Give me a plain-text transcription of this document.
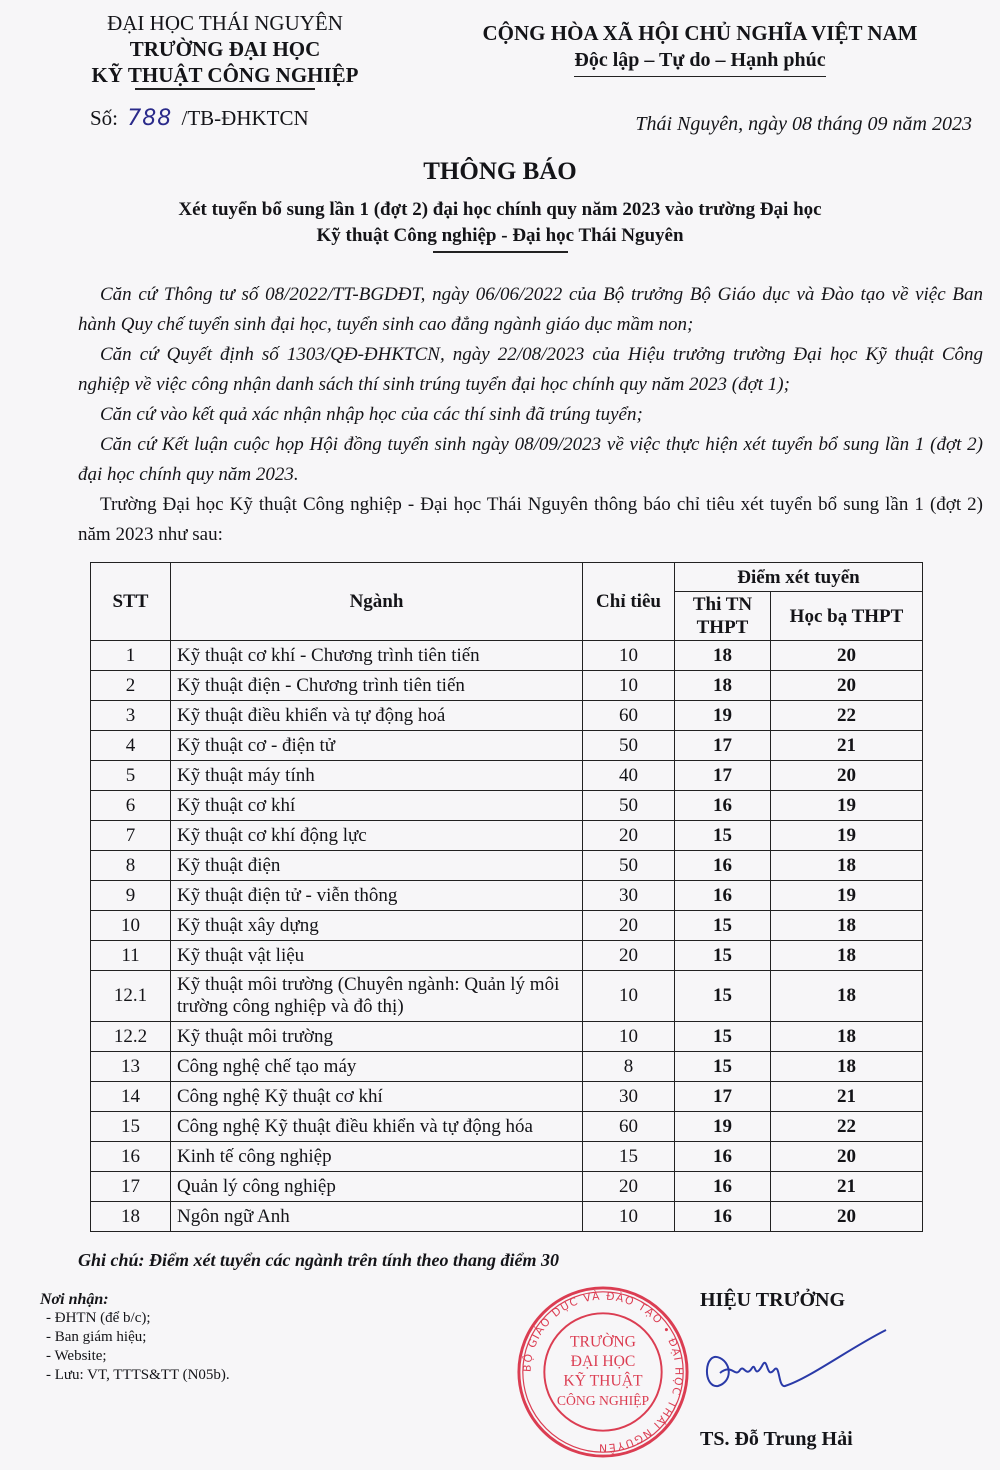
ĐẠI HỌC THÁI NGUYÊN
TRƯỜNG ĐẠI HỌC
KỸ THUẬT CÔNG NGHIỆP
Số: 788 /TB-ĐHKTCN
CỘNG HÒA XÃ HỘI CHỦ NGHĨA VIỆT NAM
Độc lập – Tự do – Hạnh phúc
Thái Nguyên, ngày 08 tháng 09 năm 2023
THÔNG BÁO
Xét tuyển bổ sung lần 1 (đợt 2) đại học chính quy năm 2023 vào trường Đại học
Kỹ thuật Công nghiệp - Đại học Thái Nguyên

Căn cứ Thông tư số 08/2022/TT-BGDĐT, ngày 06/06/2022 của Bộ trưởng Bộ Giáo dục và Đào tạo về việc Ban hành Quy chế tuyển sinh đại học, tuyển sinh cao đẳng ngành giáo dục mầm non;

Căn cứ Quyết định số 1303/QĐ-ĐHKTCN, ngày 22/08/2023 của Hiệu trưởng trường Đại học Kỹ thuật Công nghiệp về việc công nhận danh sách thí sinh trúng tuyển đại học chính quy năm 2023 (đợt 1);

Căn cứ vào kết quả xác nhận nhập học của các thí sinh đã trúng tuyển;

Căn cứ Kết luận cuộc họp Hội đồng tuyển sinh ngày 08/09/2023 về việc thực hiện xét tuyển bổ sung lần 1 (đợt 2) đại học chính quy năm 2023.

Trường Đại học Kỹ thuật Công nghiệp - Đại học Thái Nguyên thông báo chỉ tiêu xét tuyển bổ sung lần 1 (đợt 2) năm 2023 như sau:

STT	Ngành	Chỉ tiêu	Điểm xét tuyển	
			Thi TN THPT	Học bạ THPT
1	Kỹ thuật cơ khí - Chương trình tiên tiến	10	18	20
2	Kỹ thuật điện - Chương trình tiên tiến	10	18	20
3	Kỹ thuật điều khiển và tự động hoá	60	19	22
4	Kỹ thuật cơ - điện tử	50	17	21
5	Kỹ thuật máy tính	40	17	20
6	Kỹ thuật cơ khí	50	16	19
7	Kỹ thuật cơ khí động lực	20	15	19
8	Kỹ thuật điện	50	16	18
9	Kỹ thuật điện tử - viễn thông	30	16	19
10	Kỹ thuật xây dựng	20	15	18
11	Kỹ thuật vật liệu	20	15	18
12.1	Kỹ thuật môi trường (Chuyên ngành: Quản lý môi trường công nghiệp và đô thị)	10	15	18
12.2	Kỹ thuật môi trường	10	15	18
13	Công nghệ chế tạo máy	8	15	18
14	Công nghệ Kỹ thuật cơ khí	30	17	21
15	Công nghệ Kỹ thuật điều khiển và tự động hóa	60	19	22
16	Kinh tế công nghiệp	15	16	20
17	Quản lý công nghiệp	20	16	21
18	Ngôn ngữ Anh	10	16	20
Ghi chú: Điểm xét tuyển các ngành trên tính theo thang điểm 30
Nơi nhận:
- ĐHTN (để b/c);
- Ban giám hiệu;
- Website;
- Lưu: VT, TTTS&TT (N05b).	BỘ GIÁO DỤC VÀ ĐÀO TẠO • ĐẠI HỌC THÁI NGUYÊN
TRƯỜNG
ĐẠI HỌC
KỸ THUẬT
CÔNG NGHIỆP
HIỆU TRƯỞNG
TS. Đỗ Trung Hải
